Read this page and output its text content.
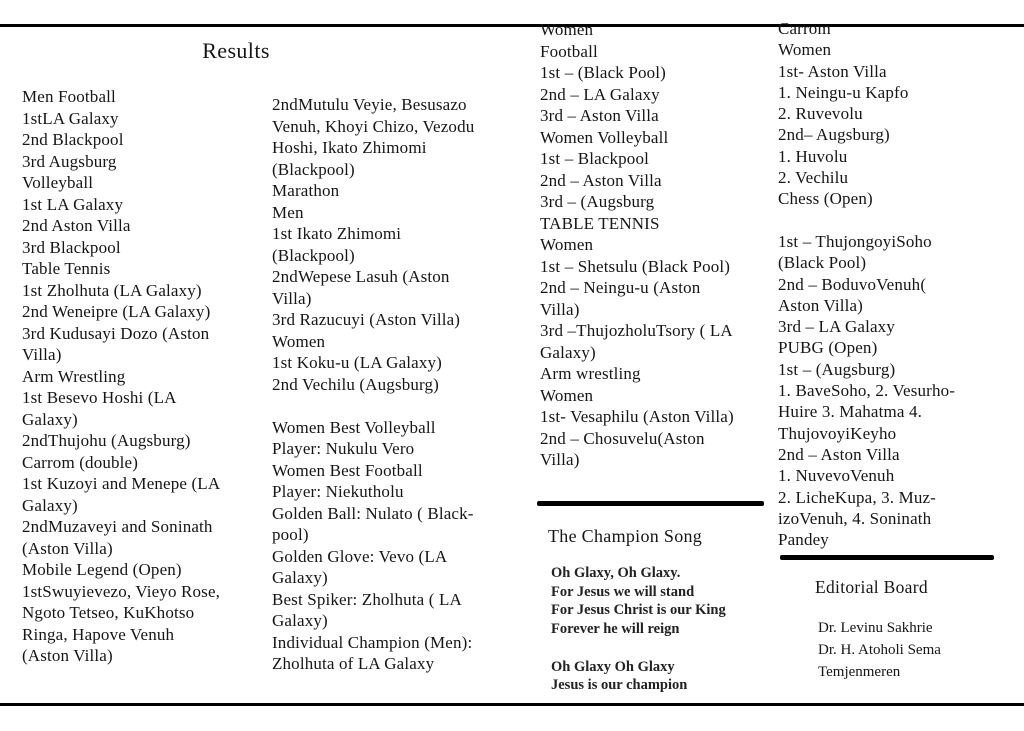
Results
Men Football
1stLA Galaxy
2nd Blackpool
3rd Augsburg
Volleyball
1st LA Galaxy
2nd Aston Villa
3rd Blackpool
Table Tennis
1st Zholhuta (LA Galaxy)
2nd Weneipre (LA Galaxy)
3rd Kudusayi Dozo (Aston
Villa)
Arm Wrestling
1st Besevo Hoshi (LA
Galaxy)
2ndThujohu (Augsburg)
Carrom (double)
1st Kuzoyi and Menepe (LA
Galaxy)
2ndMuzaveyi and Soninath
(Aston Villa)
Mobile Legend (Open)
1stSwuyievezo, Vieyo Rose,
Ngoto Tetseo, KuKhotso
Ringa, Hapove Venuh
(Aston Villa)
2ndMutulu Veyie, Besusazo
Venuh, Khoyi Chizo, Vezodu
Hoshi, Ikato Zhimomi
(Blackpool)
Marathon
Men
1st Ikato Zhimomi
(Blackpool)
2ndWepese Lasuh (Aston
Villa)
3rd Razucuyi (Aston Villa)
Women
1st Koku-u (LA Galaxy)
2nd Vechilu (Augsburg)

Women Best Volleyball
Player: Nukulu Vero
Women Best Football
Player: Niekutholu
Golden Ball: Nulato ( Black-
pool)
Golden Glove: Vevo (LA
Galaxy)
Best Spiker: Zholhuta ( LA
Galaxy)
Individual Champion (Men):
Zholhuta of LA Galaxy
Women
Football
1st – (Black Pool)
2nd – LA Galaxy
3rd – Aston Villa
Women Volleyball
1st – Blackpool
2nd – Aston Villa
3rd – (Augsburg
TABLE TENNIS
Women
1st – Shetsulu (Black Pool)
2nd – Neingu-u (Aston
Villa)
3rd –ThujozholuTsory ( LA
Galaxy)
Arm wrestling
Women
1st- Vesaphilu (Aston Villa)
2nd – Chosuvelu(Aston
Villa)
Carrom
Women
1st- Aston Villa
1. Neingu-u Kapfo
2. Ruvevolu
2nd– Augsburg)
1. Huvolu
2. Vechilu
Chess (Open)

1st – ThujongoyiSoho
(Black Pool)
2nd – BoduvoVenuh(
Aston Villa)
3rd – LA Galaxy
PUBG (Open)
1st – (Augsburg)
1. BaveSoho, 2. Vesurho-
Huire 3. Mahatma 4.
ThujovoyiKeyho
2nd – Aston Villa
1. NuvevoVenuh
2. LicheKupa, 3. Muz-
izoVenuh, 4. Soninath
Pandey
The Champion Song
Oh Glaxy, Oh Glaxy.
For Jesus we will stand
For Jesus Christ is our King
Forever he will reign

Oh Glaxy Oh Glaxy
Jesus is our champion
Editorial Board
Dr. Levinu Sakhrie
Dr. H. Atoholi Sema
Temjenmeren
